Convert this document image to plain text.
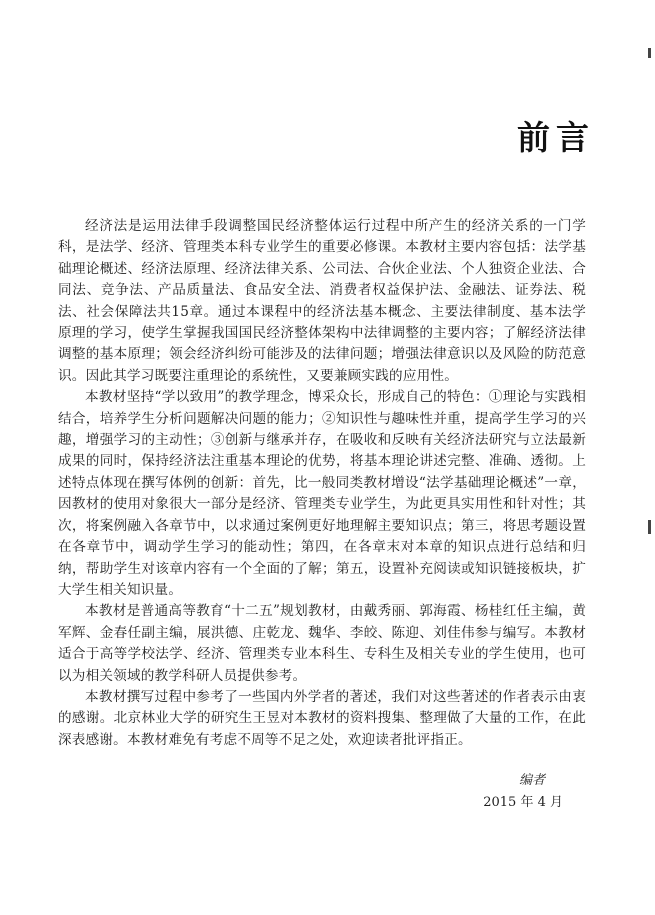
前言

经济法是运用法律手段调整国民经济整体运行过程中所产生的经济关系的一门学科，是法学、经济、管理类本科专业学生的重要必修课。本教材主要内容包括：法学基础理论概述、经济法原理、经济法律关系、公司法、合伙企业法、个人独资企业法、合同法、竞争法、产品质量法、食品安全法、消费者权益保护法、金融法、证券法、税法、社会保障法共15章。通过本课程中的经济法基本概念、主要法律制度、基本法学原理的学习，使学生掌握我国国民经济整体架构中法律调整的主要内容；了解经济法律调整的基本原理；领会经济纠纷可能涉及的法律问题；增强法律意识以及风险的防范意识。因此其学习既要注重理论的系统性，又要兼顾实践的应用性。

本教材坚持“学以致用”的教学理念，博采众长，形成自己的特色：①理论与实践相结合，培养学生分析问题解决问题的能力；②知识性与趣味性并重，提高学生学习的兴趣，增强学习的主动性；③创新与继承并存，在吸收和反映有关经济法研究与立法最新成果的同时，保持经济法注重基本理论的优势，将基本理论讲述完整、准确、透彻。上述特点体现在撰写体例的创新：首先，比一般同类教材增设“法学基础理论概述”一章，因教材的使用对象很大一部分是经济、管理类专业学生，为此更具实用性和针对性；其次，将案例融入各章节中，以求通过案例更好地理解主要知识点；第三，将思考题设置在各章节中，调动学生学习的能动性；第四，在各章末对本章的知识点进行总结和归纳，帮助学生对该章内容有一个全面的了解；第五，设置补充阅读或知识链接板块，扩大学生相关知识量。

本教材是普通高等教育“十二五”规划教材，由戴秀丽、郭海霞、杨桂红任主编，黄军辉、金春任副主编，展洪德、庄乾龙、魏华、李皎、陈迎、刘佳伟参与编写。本教材适合于高等学校法学、经济、管理类专业本科生、专科生及相关专业的学生使用，也可以为相关领域的教学科研人员提供参考。

本教材撰写过程中参考了一些国内外学者的著述，我们对这些著述的作者表示由衷的感谢。北京林业大学的研究生王昱对本教材的资料搜集、整理做了大量的工作，在此深表感谢。本教材难免有考虑不周等不足之处，欢迎读者批评指正。

编者
2015 年 4 月
